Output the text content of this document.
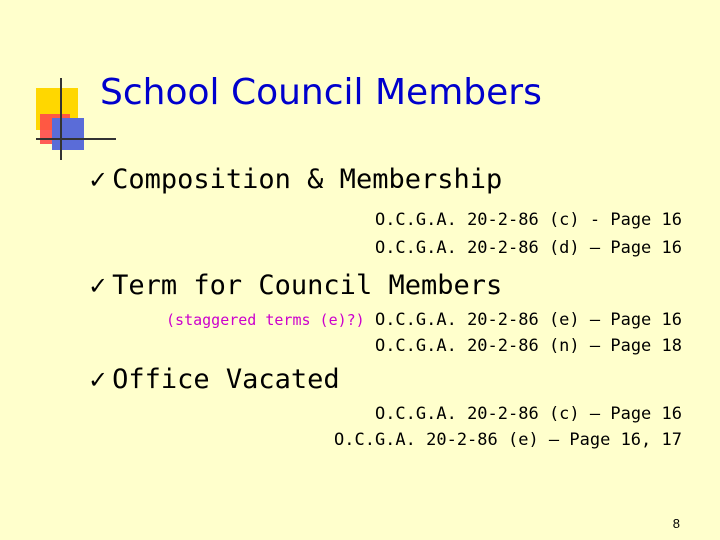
School Council Members
✓ Composition & Membership
O.C.G.A. 20-2-86 (c) - Page 16
O.C.G.A. 20-2-86 (d) – Page 16
✓ Term for Council Members
(staggered terms (e)?) O.C.G.A. 20-2-86 (e) – Page 16
O.C.G.A. 20-2-86 (n) – Page 18
✓ Office Vacated
O.C.G.A. 20-2-86 (c) – Page 16
O.C.G.A. 20-2-86 (e) – Page 16, 17
8
